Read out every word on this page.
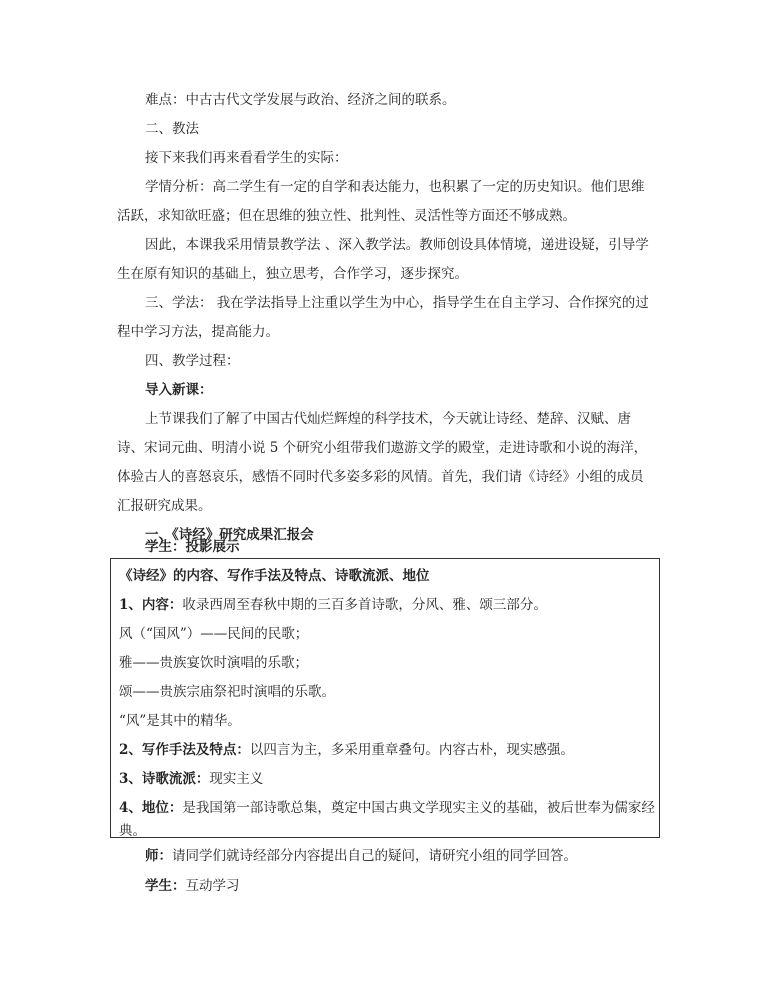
难点：中古古代文学发展与政治、经济之间的联系。
二、教法
接下来我们再来看看学生的实际：
学情分析：高二学生有一定的自学和表达能力，也积累了一定的历史知识。他们思维
活跃，求知欲旺盛；但在思维的独立性、批判性、灵活性等方面还不够成熟。
因此，本课我采用情景教学法 、深入教学法。教师创设具体情境，递进设疑，引导学
生在原有知识的基础上，独立思考，合作学习，逐步探究。
三、学法： 我在学法指导上注重以学生为中心，指导学生在自主学习、合作探究的过
程中学习方法，提高能力。
四、教学过程：
导入新课：
上节课我们了解了中国古代灿烂辉煌的科学技术，今天就让诗经、楚辞、汉赋、唐
诗、宋词元曲、明清小说 5 个研究小组带我们遨游文学的殿堂，走进诗歌和小说的海洋，
体验古人的喜怒哀乐，感悟不同时代多姿多彩的风情。首先，我们请《诗经》小组的成员
汇报研究成果。
一、《诗经》研究成果汇报会
学生：投影展示
《诗经》的内容、写作手法及特点、诗歌流派、地位
1、内容：收录西周至春秋中期的三百多首诗歌，分风、雅、颂三部分。
风（“国风”）——民间的民歌；
雅——贵族宴饮时演唱的乐歌；
颂——贵族宗庙祭祀时演唱的乐歌。
“风”是其中的精华。
2、写作手法及特点：以四言为主，多采用重章叠句。内容古朴，现实感强。
3、诗歌流派：现实主义
4、地位：是我国第一部诗歌总集，奠定中国古典文学现实主义的基础，被后世奉为儒家经
典。
师：请同学们就诗经部分内容提出自己的疑问，请研究小组的同学回答。
学生：互动学习
